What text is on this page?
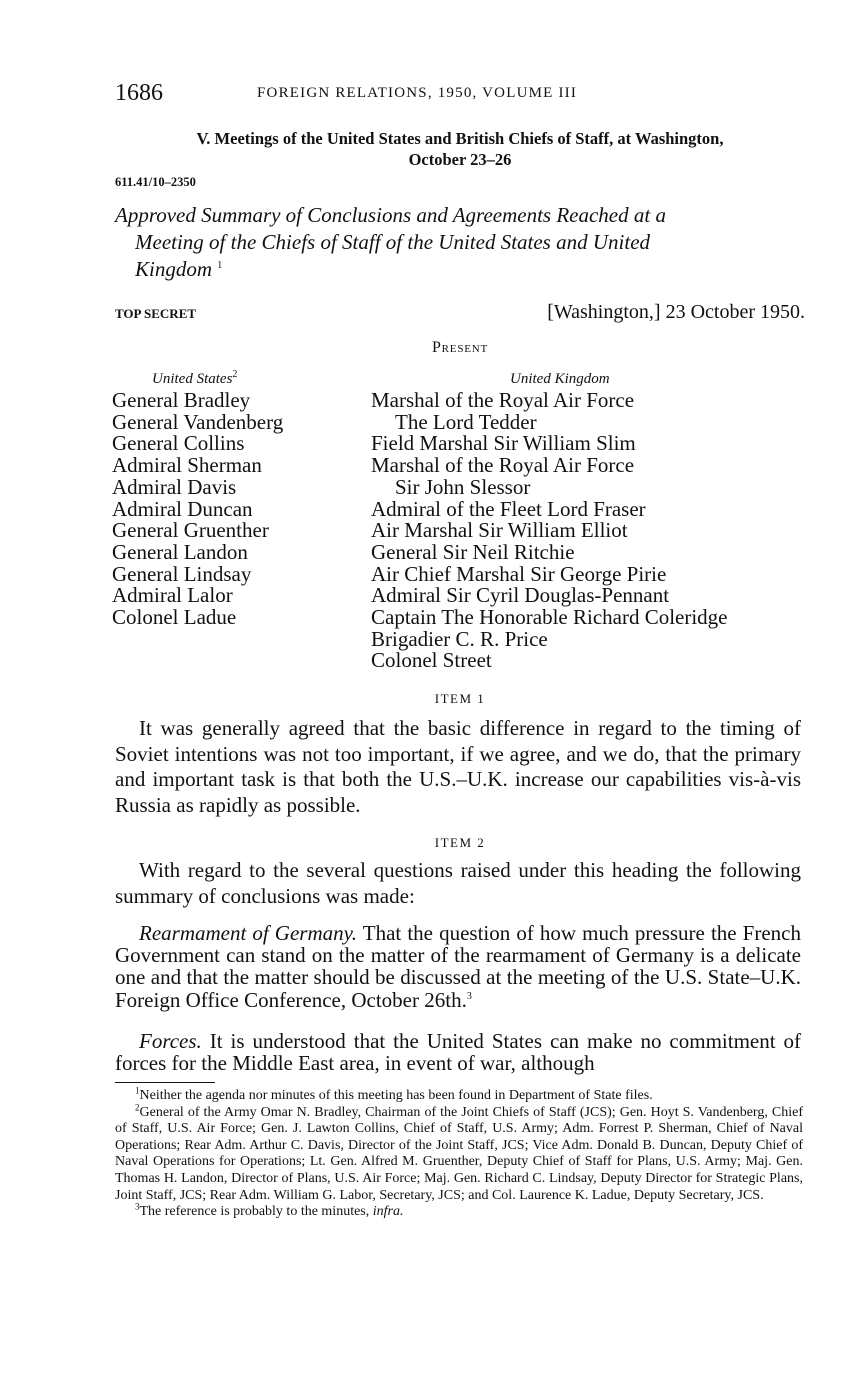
1686	FOREIGN RELATIONS, 1950, VOLUME III
V. Meetings of the United States and British Chiefs of Staff, at Washington,
October 23–26
611.41/10–2350
Approved Summary of Conclusions and Agreements Reached at a
Meeting of the Chiefs of Staff of the United States and United
Kingdom $^1$
TOP SECRET	[Washington,] 23 October 1950.
Present
United States$^2$
General Bradley
General Vandenberg
General Collins
Admiral Sherman
Admiral Davis
Admiral Duncan
General Gruenther
General Landon
General Lindsay
Admiral Lalor
Colonel Ladue
United Kingdom
Marshal of the Royal Air Force
The Lord Tedder
Field Marshal Sir William Slim
Marshal of the Royal Air Force
Sir John Slessor
Admiral of the Fleet Lord Fraser
Air Marshal Sir William Elliot
General Sir Neil Ritchie
Air Chief Marshal Sir George Pirie
Admiral Sir Cyril Douglas-Pennant
Captain The Honorable Richard Coleridge
Brigadier C. R. Price
Colonel Street
ITEM 1

It was generally agreed that the basic difference in regard to the timing of Soviet intentions was not too important, if we agree, and we do, that the primary and important task is that both the U.S.–U.K. increase our capabilities vis-à-vis Russia as rapidly as possible.

ITEM 2

With regard to the several questions raised under this heading the following summary of conclusions was made:

Rearmament of Germany. That the question of how much pressure the French Government can stand on the matter of the rearmament of Germany is a delicate one and that the matter should be discussed at the meeting of the U.S. State–U.K. Foreign Office Conference, October 26th.$^3$

Forces. It is understood that the United States can make no commitment of forces for the Middle East area, in event of war, although

$^1$Neither the agenda nor minutes of this meeting has been found in Department of State files.

$^2$General of the Army Omar N. Bradley, Chairman of the Joint Chiefs of Staff (JCS); Gen. Hoyt S. Vandenberg, Chief of Staff, U.S. Air Force; Gen. J. Lawton Collins, Chief of Staff, U.S. Army; Adm. Forrest P. Sherman, Chief of Naval Operations; Rear Adm. Arthur C. Davis, Director of the Joint Staff, JCS; Vice Adm. Donald B. Duncan, Deputy Chief of Naval Operations for Operations; Lt. Gen. Alfred M. Gruenther, Deputy Chief of Staff for Plans, U.S. Army; Maj. Gen. Thomas H. Landon, Director of Plans, U.S. Air Force; Maj. Gen. Richard C. Lindsay, Deputy Director for Strategic Plans, Joint Staff, JCS; Rear Adm. William G. Labor, Secretary, JCS; and Col. Laurence K. Ladue, Deputy Secretary, JCS.

$^3$The reference is probably to the minutes, infra.
